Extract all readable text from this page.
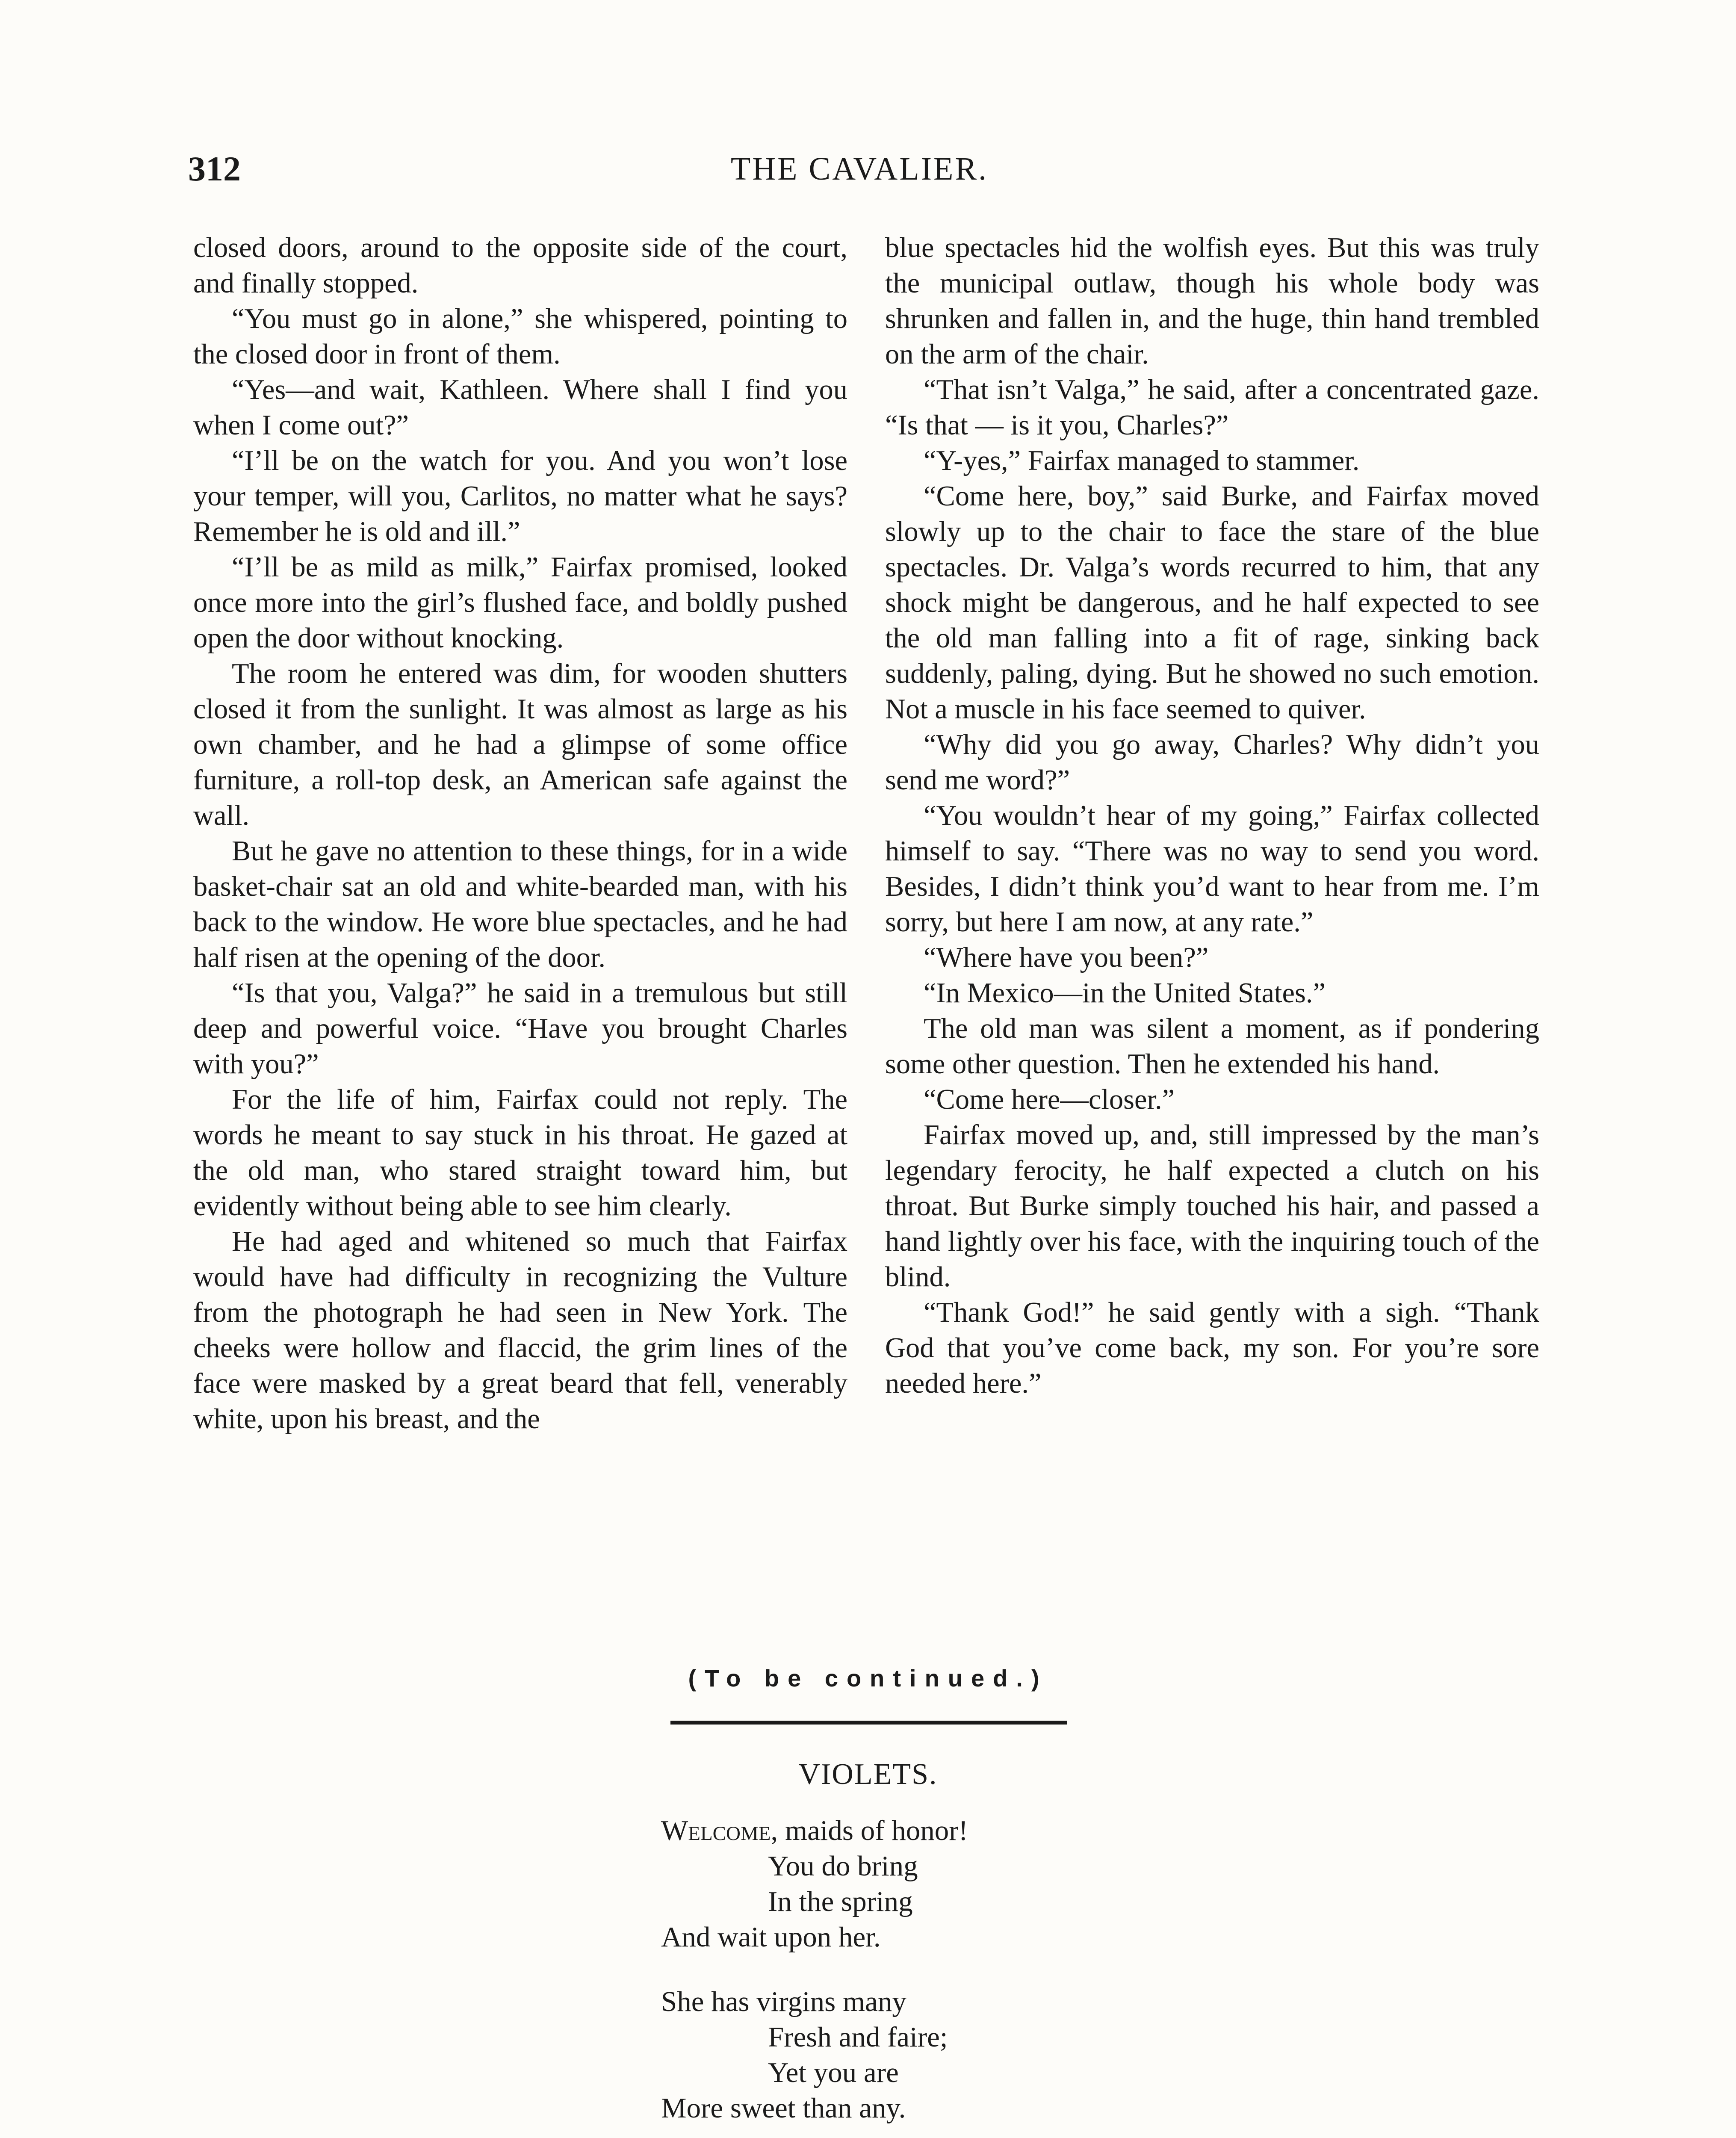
312	THE CAVALIER.

closed doors, around to the opposite side of the court, and finally stopped.

“You must go in alone,” she whispered, pointing to the closed door in front of them.

“Yes—and wait, Kathleen. Where shall I find you when I come out?”

“I’ll be on the watch for you. And you won’t lose your temper, will you, Carlitos, no matter what he says? Remember he is old and ill.”

“I’ll be as mild as milk,” Fairfax promised, looked once more into the girl’s flushed face, and boldly pushed open the door without knocking.

The room he entered was dim, for wooden shutters closed it from the sunlight. It was almost as large as his own chamber, and he had a glimpse of some office furniture, a roll-top desk, an American safe against the wall.

But he gave no attention to these things, for in a wide basket-chair sat an old and white-bearded man, with his back to the window. He wore blue spectacles, and he had half risen at the opening of the door.

“Is that you, Valga?” he said in a tremulous but still deep and powerful voice. “Have you brought Charles with you?”

For the life of him, Fairfax could not reply. The words he meant to say stuck in his throat. He gazed at the old man, who stared straight toward him, but evidently without being able to see him clearly.

He had aged and whitened so much that Fairfax would have had difficulty in recognizing the Vulture from the photograph he had seen in New York. The cheeks were hollow and flaccid, the grim lines of the face were masked by a great beard that fell, venerably white, upon his breast, and the

blue spectacles hid the wolfish eyes. But this was truly the municipal outlaw, though his whole body was shrunken and fallen in, and the huge, thin hand trembled on the arm of the chair.

“That isn’t Valga,” he said, after a concentrated gaze. “Is that — is it you, Charles?”

“Y-yes,” Fairfax managed to stammer.

“Come here, boy,” said Burke, and Fairfax moved slowly up to the chair to face the stare of the blue spectacles. Dr. Valga’s words recurred to him, that any shock might be dangerous, and he half expected to see the old man falling into a fit of rage, sinking back suddenly, paling, dying. But he showed no such emotion. Not a muscle in his face seemed to quiver.

“Why did you go away, Charles? Why didn’t you send me word?”

“You wouldn’t hear of my going,” Fairfax collected himself to say. “There was no way to send you word. Besides, I didn’t think you’d want to hear from me. I’m sorry, but here I am now, at any rate.”

“Where have you been?”

“In Mexico—in the United States.”

The old man was silent a moment, as if pondering some other question. Then he extended his hand.

“Come here—closer.”

Fairfax moved up, and, still impressed by the man’s legendary ferocity, he half expected a clutch on his throat. But Burke simply touched his hair, and passed a hand lightly over his face, with the inquiring touch of the blind.

“Thank God!” he said gently with a sigh. “Thank God that you’ve come back, my son. For you’re sore needed here.”

(To be continued.)
VIOLETS.
Welcome, maids of honor!
You do bring
In the spring
And wait upon her.
She has virgins many
Fresh and faire;
Yet you are
More sweet than any.
